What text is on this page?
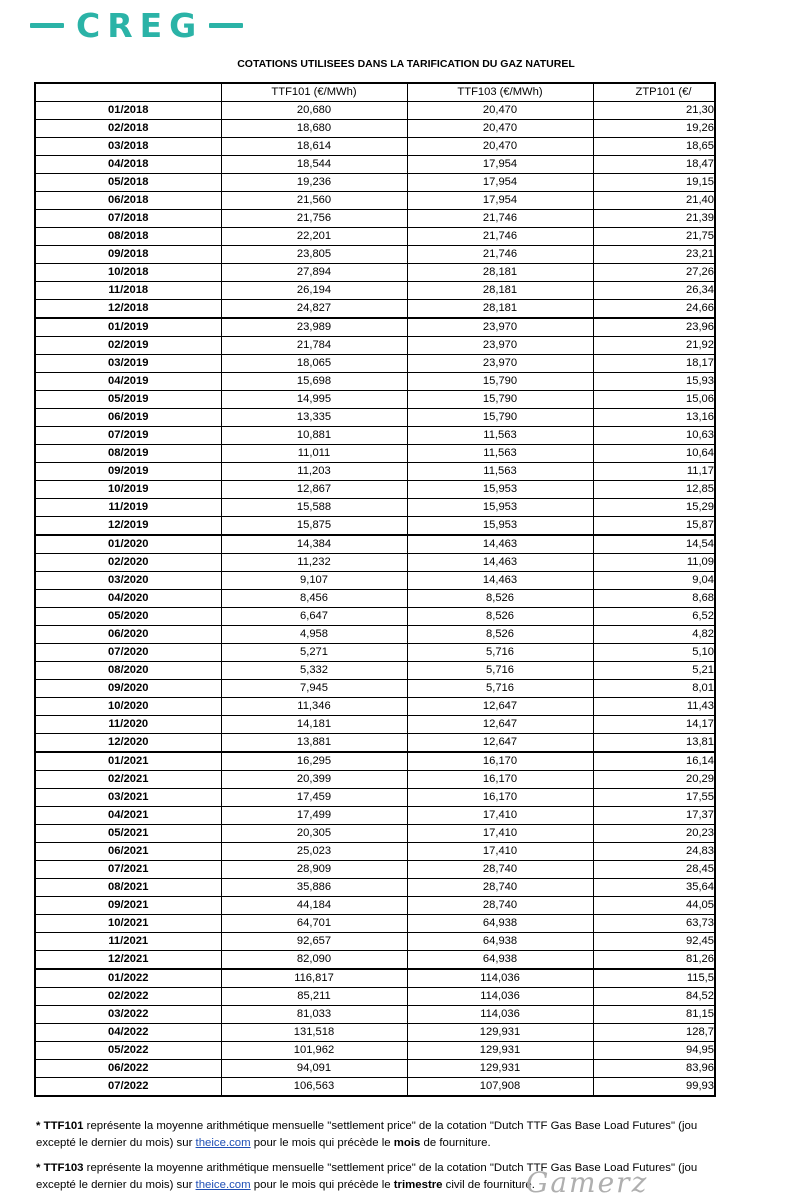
CREG
COTATIONS UTILISEES DANS LA TARIFICATION DU GAZ NATUREL
	TTF101 (€/MWh)	TTF103 (€/MWh)	ZTP101 (€/
01/2018	20,680	20,470	21,30
02/2018	18,680	20,470	19,26
03/2018	18,614	20,470	18,65
04/2018	18,544	17,954	18,47
05/2018	19,236	17,954	19,15
06/2018	21,560	17,954	21,40
07/2018	21,756	21,746	21,39
08/2018	22,201	21,746	21,75
09/2018	23,805	21,746	23,21
10/2018	27,894	28,181	27,26
11/2018	26,194	28,181	26,34
12/2018	24,827	28,181	24,66
01/2019	23,989	23,970	23,96
02/2019	21,784	23,970	21,92
03/2019	18,065	23,970	18,17
04/2019	15,698	15,790	15,93
05/2019	14,995	15,790	15,06
06/2019	13,335	15,790	13,16
07/2019	10,881	11,563	10,63
08/2019	11,011	11,563	10,64
09/2019	11,203	11,563	11,17
10/2019	12,867	15,953	12,85
11/2019	15,588	15,953	15,29
12/2019	15,875	15,953	15,87
01/2020	14,384	14,463	14,54
02/2020	11,232	14,463	11,09
03/2020	9,107	14,463	9,04
04/2020	8,456	8,526	8,68
05/2020	6,647	8,526	6,52
06/2020	4,958	8,526	4,82
07/2020	5,271	5,716	5,10
08/2020	5,332	5,716	5,21
09/2020	7,945	5,716	8,01
10/2020	11,346	12,647	11,43
11/2020	14,181	12,647	14,17
12/2020	13,881	12,647	13,81
01/2021	16,295	16,170	16,14
02/2021	20,399	16,170	20,29
03/2021	17,459	16,170	17,55
04/2021	17,499	17,410	17,37
05/2021	20,305	17,410	20,23
06/2021	25,023	17,410	24,83
07/2021	28,909	28,740	28,45
08/2021	35,886	28,740	35,64
09/2021	44,184	28,740	44,05
10/2021	64,701	64,938	63,73
11/2021	92,657	64,938	92,45
12/2021	82,090	64,938	81,26
01/2022	116,817	114,036	115,5
02/2022	85,211	114,036	84,52
03/2022	81,033	114,036	81,15
04/2022	131,518	129,931	128,7
05/2022	101,962	129,931	94,95
06/2022	94,091	129,931	83,96
07/2022	106,563	107,908	99,93
* TTF101 représente la moyenne arithmétique mensuelle "settlement price" de la cotation "Dutch TTF Gas Base Load Futures" (jou
excepté le dernier du mois) sur theice.com pour le mois qui précède le mois de fourniture.
* TTF103 représente la moyenne arithmétique mensuelle "settlement price" de la cotation "Dutch TTF Gas Base Load Futures" (jou
excepté le dernier du mois) sur theice.com pour le mois qui précède le trimestre civil de fourniture.
Gamerz
